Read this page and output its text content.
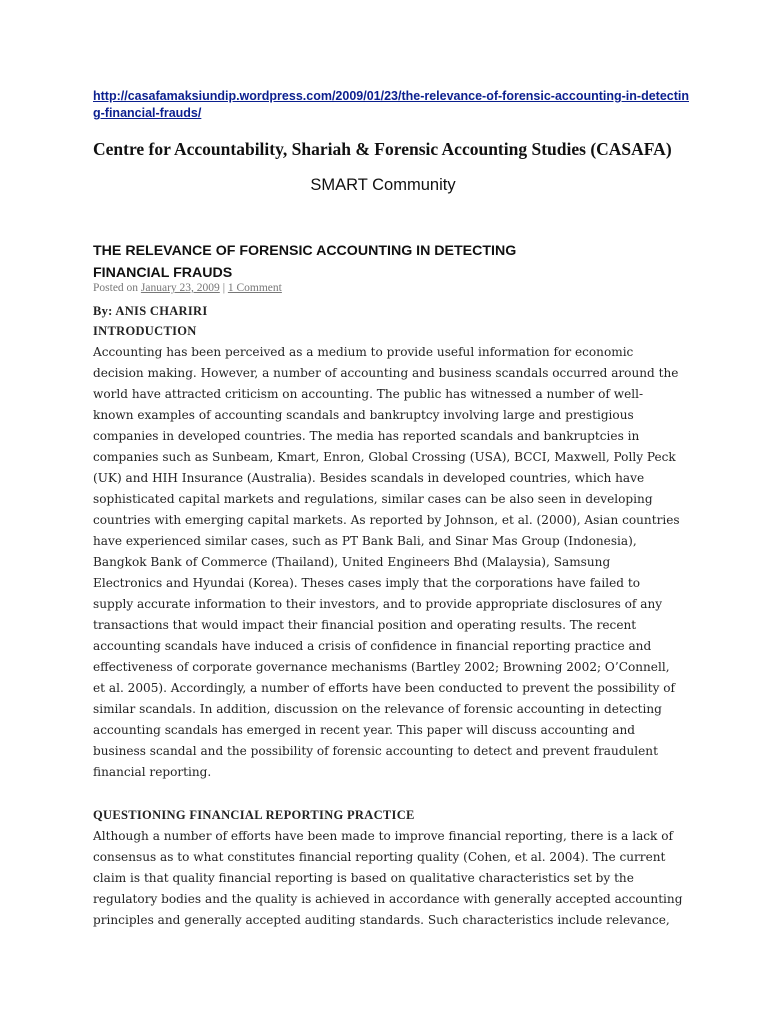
http://casafamaksiundip.wordpress.com/2009/01/23/the-relevance-of-forensic-accounting-in-detecting-financial-frauds/
Centre for Accountability, Shariah & Forensic Accounting Studies (CASAFA)
SMART Community
THE RELEVANCE OF FORENSIC ACCOUNTING IN DETECTING FINANCIAL FRAUDS
Posted on January 23, 2009 | 1 Comment
By: ANIS CHARIRI
INTRODUCTION

Accounting has been perceived as a medium to provide useful information for economic decision making. However, a number of accounting and business scandals occurred around the world have attracted criticism on accounting. The public has witnessed a number of well-known examples of accounting scandals and bankruptcy involving large and prestigious companies in developed countries. The media has reported scandals and bankruptcies in companies such as Sunbeam, Kmart, Enron, Global Crossing (USA), BCCI, Maxwell, Polly Peck (UK) and HIH Insurance (Australia). Besides scandals in developed countries, which have sophisticated capital markets and regulations, similar cases can be also seen in developing countries with emerging capital markets. As reported by Johnson, et al. (2000), Asian countries have experienced similar cases, such as PT Bank Bali, and Sinar Mas Group (Indonesia), Bangkok Bank of Commerce (Thailand), United Engineers Bhd (Malaysia), Samsung Electronics and Hyundai (Korea). Theses cases imply that the corporations have failed to supply accurate information to their investors, and to provide appropriate disclosures of any transactions that would impact their financial position and operating results. The recent accounting scandals have induced a crisis of confidence in financial reporting practice and effectiveness of corporate governance mechanisms (Bartley 2002; Browning 2002; O’Connell, et al. 2005). Accordingly, a number of efforts have been conducted to prevent the possibility of similar scandals. In addition, discussion on the relevance of forensic accounting in detecting accounting scandals has emerged in recent year. This paper will discuss accounting and business scandal and the possibility of forensic accounting to detect and prevent fraudulent financial reporting.

QUESTIONING FINANCIAL REPORTING PRACTICE

Although a number of efforts have been made to improve financial reporting, there is a lack of consensus as to what constitutes financial reporting quality (Cohen, et al. 2004). The current claim is that quality financial reporting is based on qualitative characteristics set by the regulatory bodies and the quality is achieved in accordance with generally accepted accounting principles and generally accepted auditing standards. Such characteristics include relevance,
